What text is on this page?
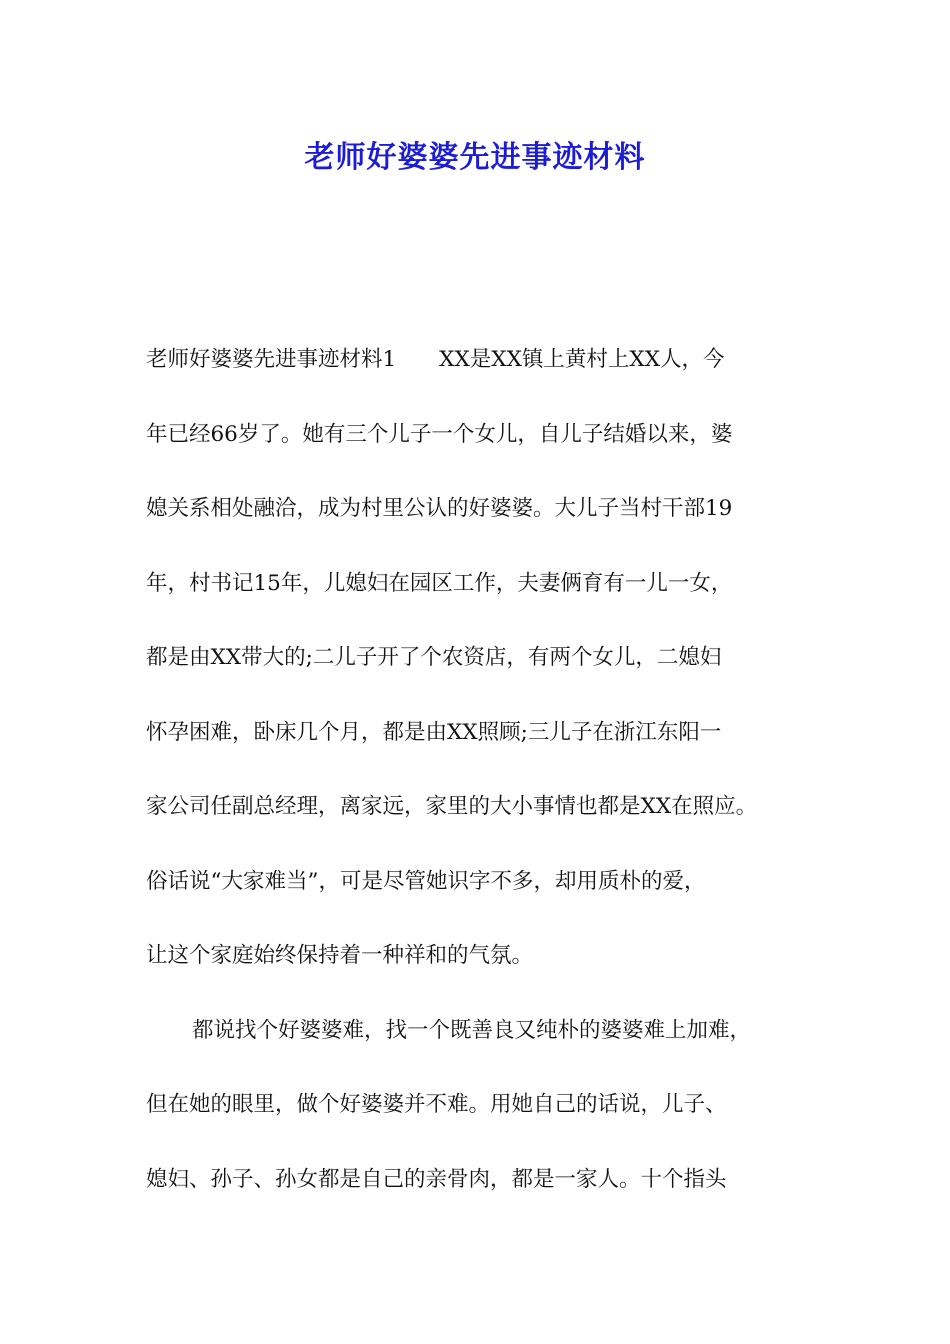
老师好婆婆先进事迹材料
老师好婆婆先进事迹材料1　　XX是XX镇上黄村上XX人，今
年已经66岁了。她有三个儿子一个女儿，自儿子结婚以来，婆
媳关系相处融洽，成为村里公认的好婆婆。大儿子当村干部19
年，村书记15年，儿媳妇在园区工作，夫妻俩育有一儿一女，
都是由XX带大的;二儿子开了个农资店，有两个女儿，二媳妇
怀孕困难，卧床几个月，都是由XX照顾;三儿子在浙江东阳一
家公司任副总经理，离家远，家里的大小事情也都是XX在照应。
俗话说“大家难当”，可是尽管她识字不多，却用质朴的爱，
让这个家庭始终保持着一种祥和的气氛。
都说找个好婆婆难，找一个既善良又纯朴的婆婆难上加难，
但在她的眼里，做个好婆婆并不难。用她自己的话说，儿子、
媳妇、孙子、孙女都是自己的亲骨肉，都是一家人。十个指头
